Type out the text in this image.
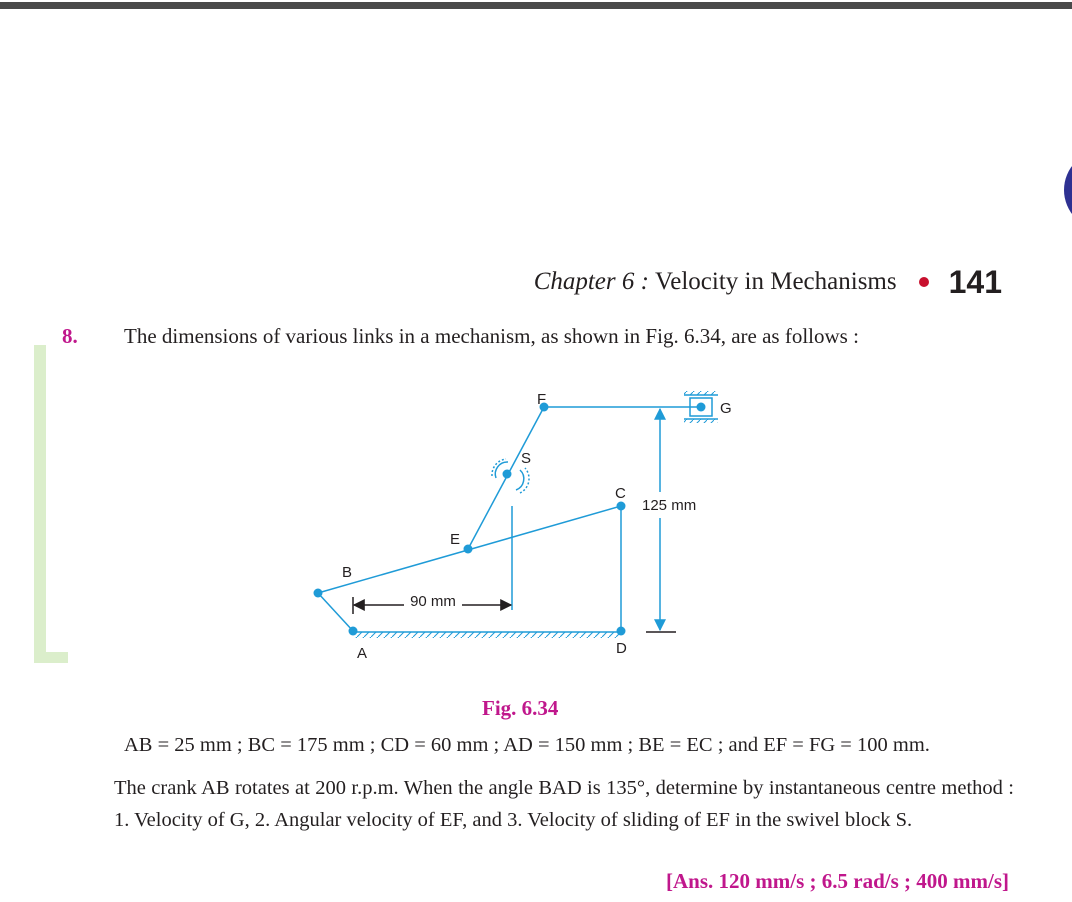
Chapter 6 : Velocity in Mechanisms 141
8. The dimensions of various links in a mechanism, as shown in Fig. 6.34, are as follows :
90 mm
125 mm
A
B
C
D
E
F
G
S
Fig. 6.34
AB = 25 mm ; BC = 175 mm ; CD = 60 mm ; AD = 150 mm ; BE = EC ; and EF = FG = 100 mm.
The crank AB rotates at 200 r.p.m. When the angle BAD is 135°, determine by instantaneous centre method : 1. Velocity of G, 2. Angular velocity of EF, and 3. Velocity of sliding of EF in the swivel block S.
[Ans. 120 mm/s ; 6.5 rad/s ; 400 mm/s]
